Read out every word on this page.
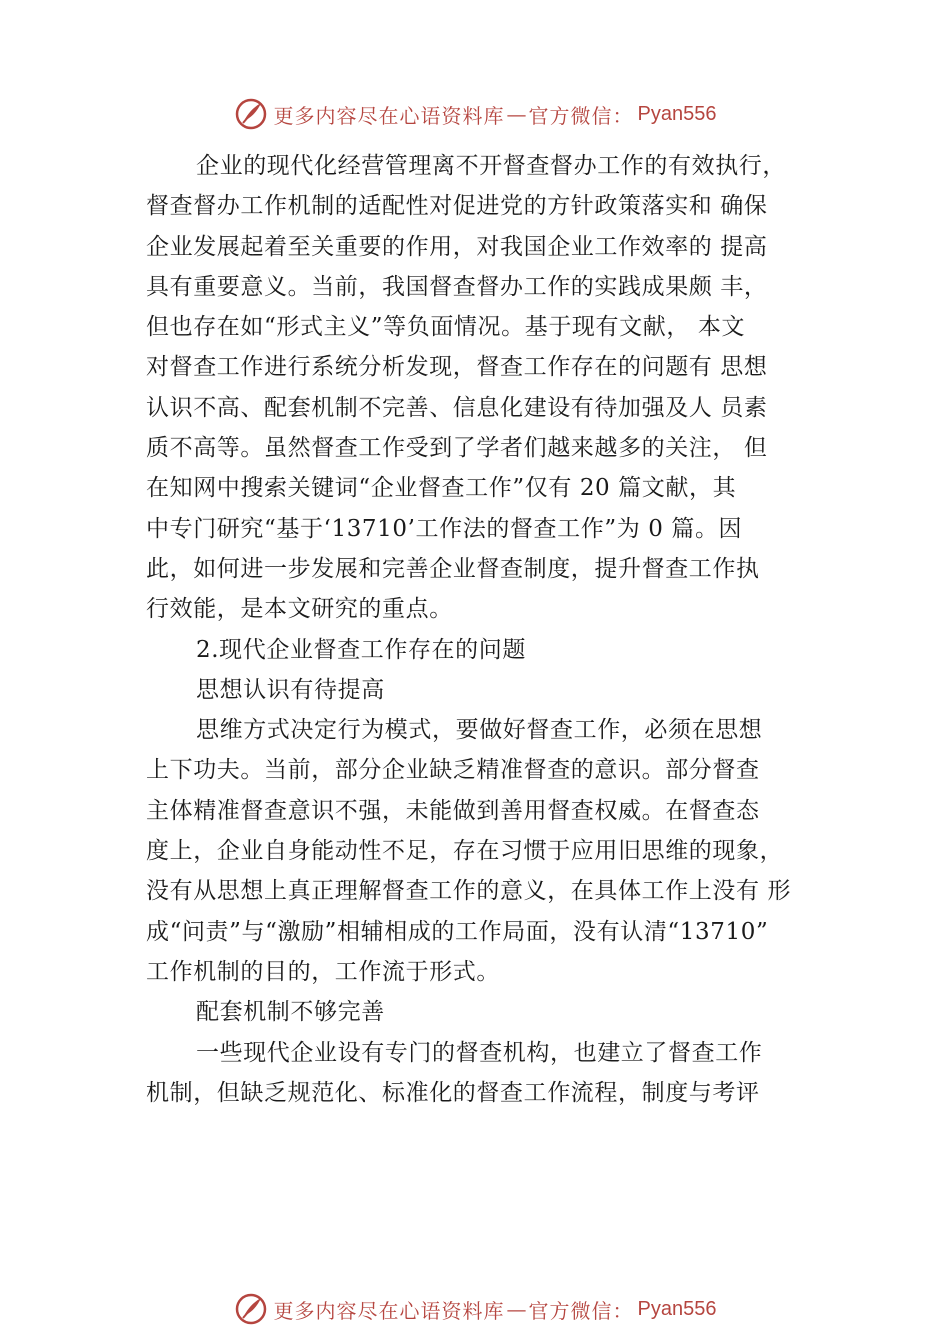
更多内容尽在心语资料库 — 官方微信： Pyan556
企业的现代化经营管理离不开督查督办工作的有效执行，
督查督办工作机制的适配性对促进党的方针政策落实和 确保
企业发展起着至关重要的作用，对我国企业工作效率的 提高
具有重要意义。当前，我国督查督办工作的实践成果颇 丰，
但也存在如“形式主义”等负面情况。基于现有文献， 本文
对督查工作进行系统分析发现，督查工作存在的问题有 思想
认识不高、配套机制不完善、信息化建设有待加强及人 员素
质不高等。虽然督查工作受到了学者们越来越多的关注， 但
在知网中搜索关键词“企业督查工作”仅有 20 篇文献，其
中专门研究“基于‘13710’工作法的督查工作”为 0 篇。因
此，如何进一步发展和完善企业督查制度，提升督查工作执
行效能，是本文研究的重点。
2.现代企业督查工作存在的问题
思想认识有待提高
思维方式决定行为模式，要做好督查工作，必须在思想
上下功夫。当前，部分企业缺乏精准督查的意识。部分督查
主体精准督查意识不强，未能做到善用督查权威。在督查态
度上，企业自身能动性不足，存在习惯于应用旧思维的现象，
没有从思想上真正理解督查工作的意义，在具体工作上没有 形
成“问责”与“激励”相辅相成的工作局面，没有认清“13710”
工作机制的目的，工作流于形式。
配套机制不够完善
一些现代企业设有专门的督查机构，也建立了督查工作
机制，但缺乏规范化、标准化的督查工作流程，制度与考评
更多内容尽在心语资料库 — 官方微信： Pyan556
